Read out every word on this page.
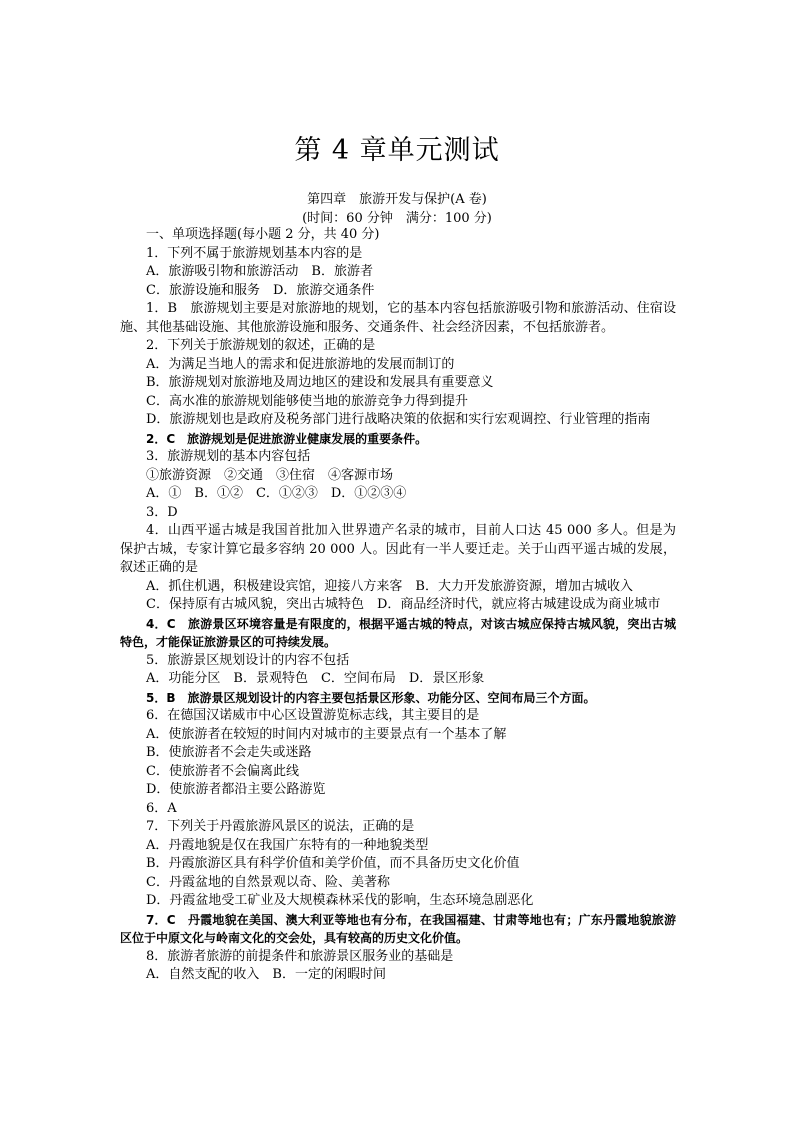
第 4 章单元测试
第四章　旅游开发与保护(A 卷)
(时间：60 分钟　满分：100 分)
一、单项选择题(每小题 2 分，共 40 分)
1．下列不属于旅游规划基本内容的是
A．旅游吸引物和旅游活动　B．旅游者
C．旅游设施和服务　D．旅游交通条件
1．B　旅游规划主要是对旅游地的规划，它的基本内容包括旅游吸引物和旅游活动、住宿设施、其他基础设施、其他旅游设施和服务、交通条件、社会经济因素，不包括旅游者。
2．下列关于旅游规划的叙述，正确的是
A．为满足当地人的需求和促进旅游地的发展而制订的
B．旅游规划对旅游地及周边地区的建设和发展具有重要意义
C．高水准的旅游规划能够使当地的旅游竞争力得到提升
D．旅游规划也是政府及税务部门进行战略决策的依据和实行宏观调控、行业管理的指南
2．C　旅游规划是促进旅游业健康发展的重要条件。
3．旅游规划的基本内容包括
①旅游资源　②交通　③住宿　④客源市场
A．①　B．①②　C．①②③　D．①②③④
3．D
4．山西平遥古城是我国首批加入世界遗产名录的城市，目前人口达 45 000 多人。但是为保护古城，专家计算它最多容纳 20 000 人。因此有一半人要迁走。关于山西平遥古城的发展，叙述正确的是
A．抓住机遇，积极建设宾馆，迎接八方来客　B．大力开发旅游资源，增加古城收入
C．保持原有古城风貌，突出古城特色　D．商品经济时代，就应将古城建设成为商业城市
4．C　旅游景区环境容量是有限度的，根据平遥古城的特点，对该古城应保持古城风貌，突出古城特色，才能保证旅游景区的可持续发展。
5．旅游景区规划设计的内容不包括
A．功能分区　B．景观特色　C．空间布局　D．景区形象
5．B　旅游景区规划设计的内容主要包括景区形象、功能分区、空间布局三个方面。
6．在德国汉诺威市中心区设置游览标志线，其主要目的是
A．使旅游者在较短的时间内对城市的主要景点有一个基本了解
B．使旅游者不会走失或迷路
C．使旅游者不会偏离此线
D．使旅游者都沿主要公路游览
6．A
7．下列关于丹霞旅游风景区的说法，正确的是
A．丹霞地貌是仅在我国广东特有的一种地貌类型
B．丹霞旅游区具有科学价值和美学价值，而不具备历史文化价值
C．丹霞盆地的自然景观以奇、险、美著称
D．丹霞盆地受工矿业及大规模森林采伐的影响，生态环境急剧恶化
7．C　丹霞地貌在美国、澳大利亚等地也有分布，在我国福建、甘肃等地也有；广东丹霞地貌旅游区位于中原文化与岭南文化的交会处，具有较高的历史文化价值。
8．旅游者旅游的前提条件和旅游景区服务业的基础是
A．自然支配的收入　B．一定的闲暇时间
